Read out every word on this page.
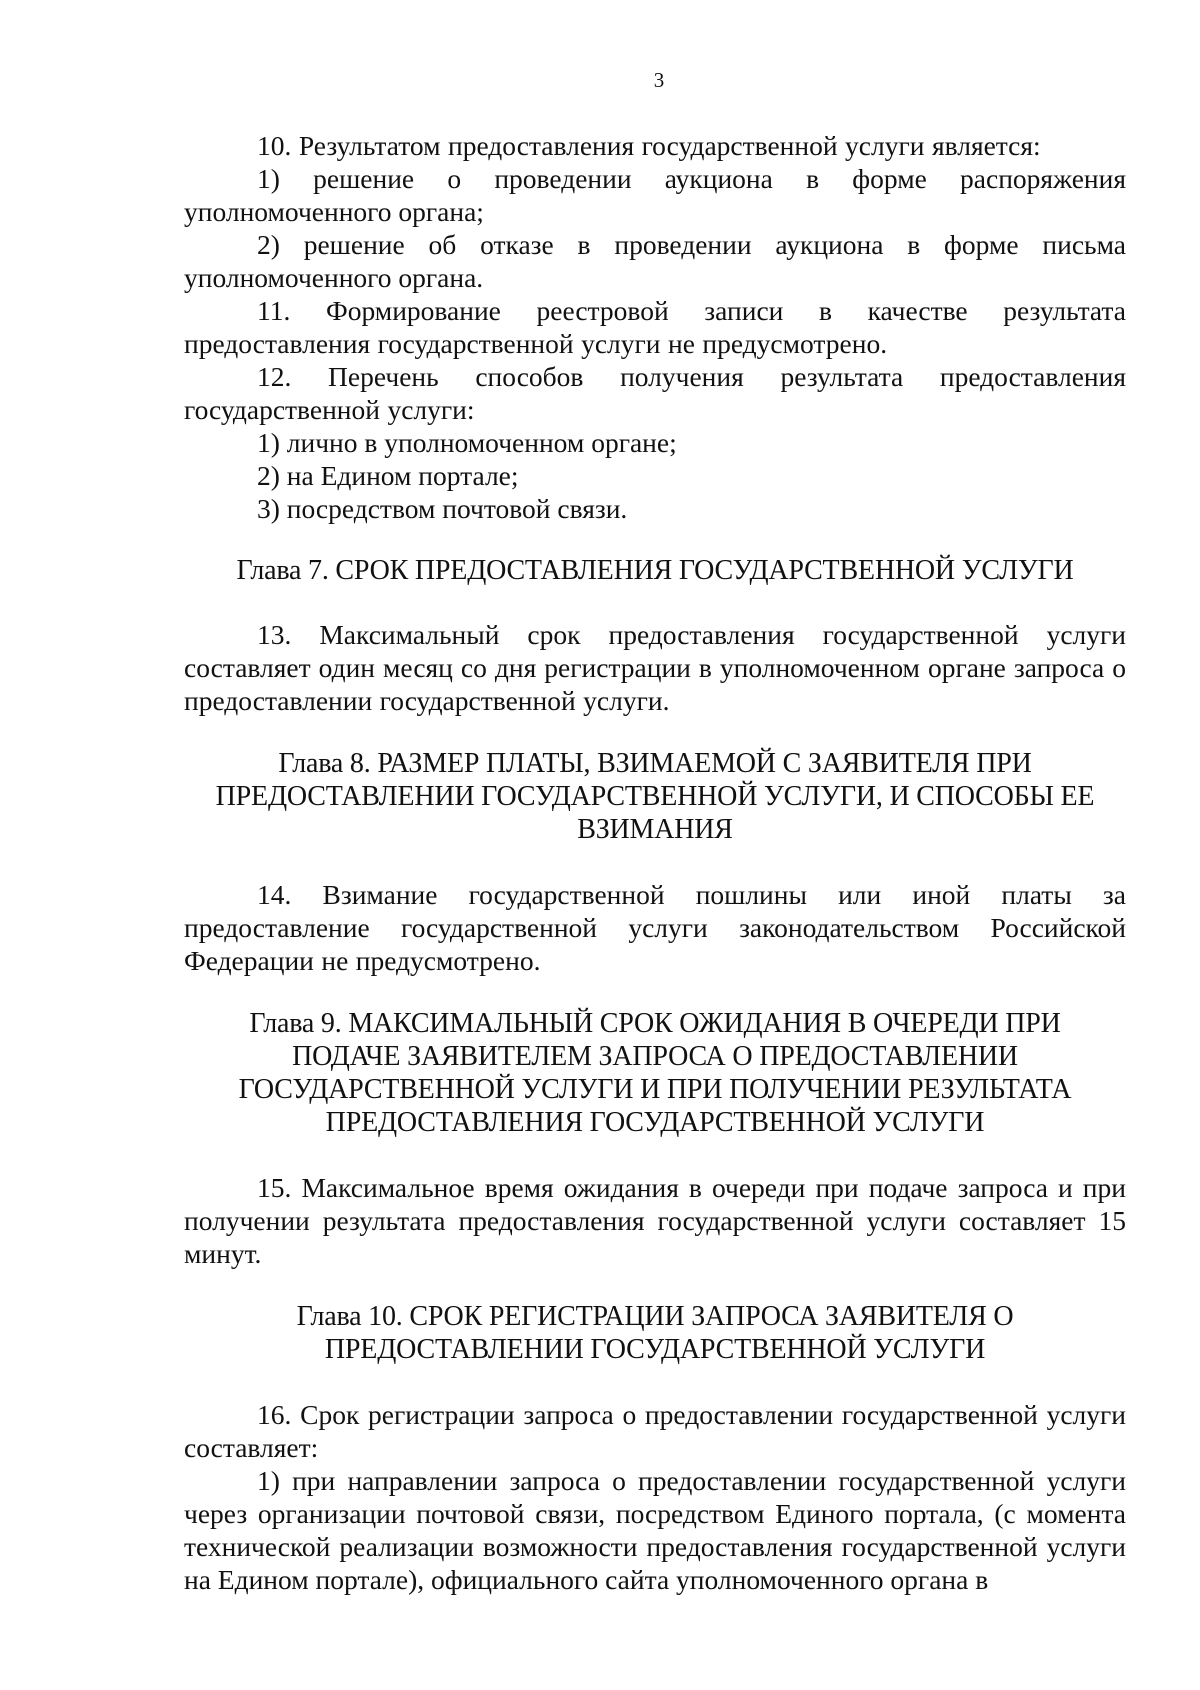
3

10. Результатом предоставления государственной услуги является:

1) решение о проведении аукциона в форме распоряжения уполномоченного органа;

2) решение об отказе в проведении аукциона в форме письма уполномоченного органа.

11. Формирование реестровой записи в качестве результата предоставления государственной услуги не предусмотрено.

12. Перечень способов получения результата предоставления государственной услуги:

1) лично в уполномоченном органе;

2) на Едином портале;

3) посредством почтовой связи.

Глава 7. СРОК ПРЕДОСТАВЛЕНИЯ ГОСУДАРСТВЕННОЙ УСЛУГИ

13. Максимальный срок предоставления государственной услуги составляет один месяц со дня регистрации в уполномоченном органе запроса о предоставлении государственной услуги.

Глава 8. РАЗМЕР ПЛАТЫ, ВЗИМАЕМОЙ С ЗАЯВИТЕЛЯ ПРИ
ПРЕДОСТАВЛЕНИИ ГОСУДАРСТВЕННОЙ УСЛУГИ, И СПОСОБЫ ЕЕ
ВЗИМАНИЯ

14. Взимание государственной пошлины или иной платы за предоставление государственной услуги законодательством Российской Федерации не предусмотрено.

Глава 9. МАКСИМАЛЬНЫЙ СРОК ОЖИДАНИЯ В ОЧЕРЕДИ ПРИ
ПОДАЧЕ ЗАЯВИТЕЛЕМ ЗАПРОСА О ПРЕДОСТАВЛЕНИИ
ГОСУДАРСТВЕННОЙ УСЛУГИ И ПРИ ПОЛУЧЕНИИ РЕЗУЛЬТАТА
ПРЕДОСТАВЛЕНИЯ ГОСУДАРСТВЕННОЙ УСЛУГИ

15. Максимальное время ожидания в очереди при подаче запроса и при получении результата предоставления государственной услуги составляет 15 минут.

Глава 10. СРОК РЕГИСТРАЦИИ ЗАПРОСА ЗАЯВИТЕЛЯ О
ПРЕДОСТАВЛЕНИИ ГОСУДАРСТВЕННОЙ УСЛУГИ

16. Срок регистрации запроса о предоставлении государственной услуги составляет:

1) при направлении запроса о предоставлении государственной услуги через организации почтовой связи, посредством Единого портала, (с момента технической реализации возможности предоставления государственной услуги на Едином портале), официального сайта уполномоченного органа в
